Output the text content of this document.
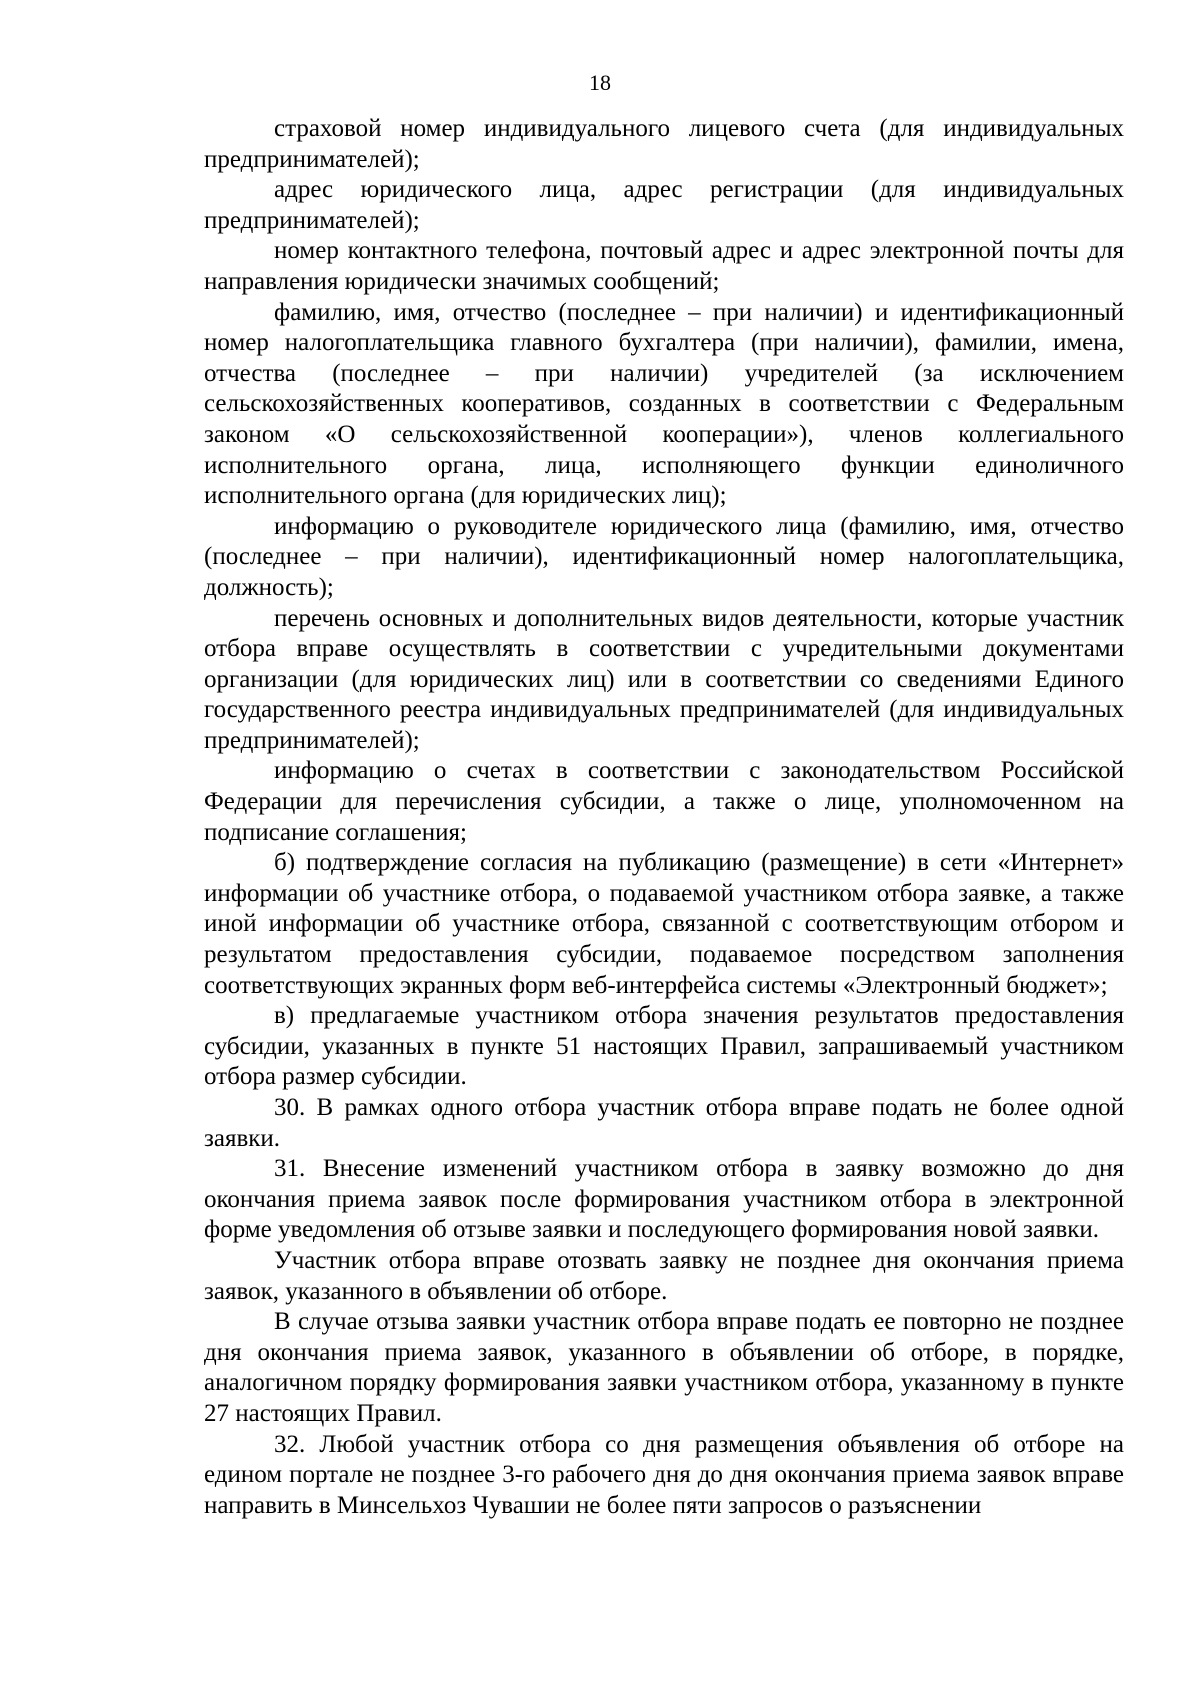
18

страховой номер индивидуального лицевого счета (для индивидуальных предпринимателей);

адрес юридического лица, адрес регистрации (для индивидуальных предпринимателей);

номер контактного телефона, почтовый адрес и адрес электронной почты для направления юридически значимых сообщений;

фамилию, имя, отчество (последнее – при наличии) и идентификационный номер налогоплательщика главного бухгалтера (при наличии), фамилии, имена, отчества (последнее – при наличии) учредителей (за исключением сельскохозяйственных кооперативов, созданных в соответствии с Федеральным законом «О сельскохозяйственной кооперации»), членов коллегиального исполнительного органа, лица, исполняющего функции единоличного исполнительного органа (для юридических лиц);

информацию о руководителе юридического лица (фамилию, имя, отчество (последнее – при наличии), идентификационный номер налогоплательщика, должность);

перечень основных и дополнительных видов деятельности, которые участник отбора вправе осуществлять в соответствии с учредительными документами организации (для юридических лиц) или в соответствии со сведениями Единого государственного реестра индивидуальных предпринимателей (для индивидуальных предпринимателей);

информацию о счетах в соответствии с законодательством Российской Федерации для перечисления субсидии, а также о лице, уполномоченном на подписание соглашения;

б) подтверждение согласия на публикацию (размещение) в сети «Интернет» информации об участнике отбора, о подаваемой участником отбора заявке, а также иной информации об участнике отбора, связанной с соответствующим отбором и результатом предоставления субсидии, подаваемое посредством заполнения соответствующих экранных форм веб-интерфейса системы «Электронный бюджет»;

в) предлагаемые участником отбора значения результатов предоставления субсидии, указанных в пункте 51 настоящих Правил, запрашиваемый участником отбора размер субсидии.

30. В рамках одного отбора участник отбора вправе подать не более одной заявки.

31. Внесение изменений участником отбора в заявку возможно до дня окончания приема заявок после формирования участником отбора в электронной форме уведомления об отзыве заявки и последующего формирования новой заявки.

Участник отбора вправе отозвать заявку не позднее дня окончания приема заявок, указанного в объявлении об отборе.

В случае отзыва заявки участник отбора вправе подать ее повторно не позднее дня окончания приема заявок, указанного в объявлении об отборе, в порядке, аналогичном порядку формирования заявки участником отбора, указанному в пункте 27 настоящих Правил.

32. Любой участник отбора со дня размещения объявления об отборе на едином портале не позднее 3-го рабочего дня до дня окончания приема заявок вправе направить в Минсельхоз Чувашии не более пяти запросов о разъяснении
